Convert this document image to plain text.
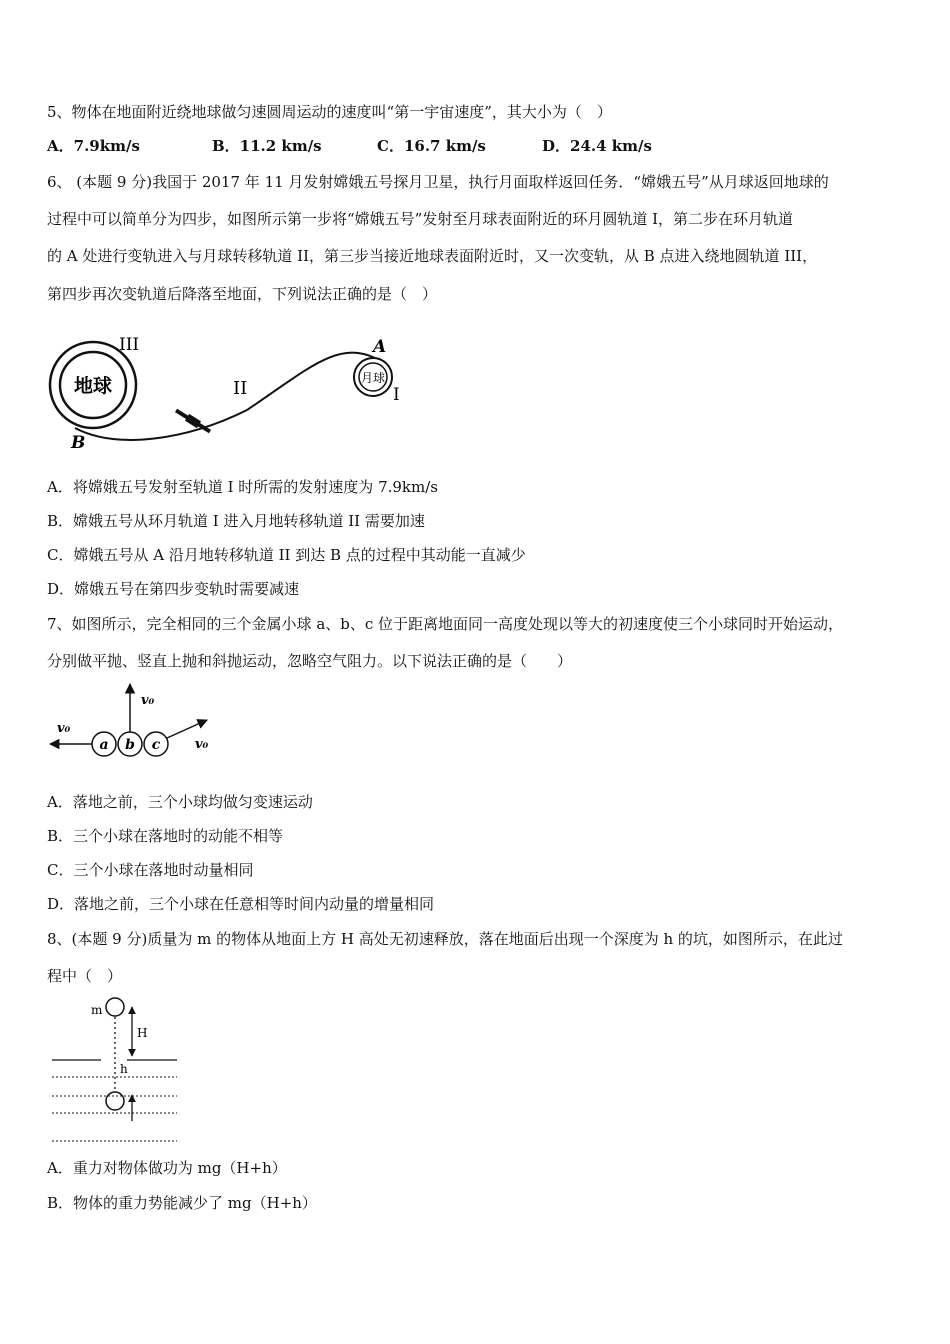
5、物体在地面附近绕地球做匀速圆周运动的速度叫“第一宇宙速度”，其大小为（　）
A．7.9km/s	B．11.2 km/s	C．16.7 km/s	D．24.4 km/s
6、 (本题 9 分)我国于 2017 年 11 月发射嫦娥五号探月卫星，执行月面取样返回任务．“嫦娥五号”从月球返回地球的
过程中可以简单分为四步，如图所示第一步将“嫦娥五号”发射至月球表面附近的环月圆轨道 I，第二步在环月轨道
的 A 处进行变轨进入与月球转移轨道 II，第三步当接近地球表面附近时，又一次变轨，从 B 点进入绕地圆轨道 III，
第四步再次变轨道后降落至地面，下列说法正确的是（　）
地球
III
II	月球
A
I
B
A．将嫦娥五号发射至轨道 I 时所需的发射速度为 7.9km/s
B．嫦娥五号从环月轨道 I 进入月地转移轨道 II 需要加速
C．嫦娥五号从 A 沿月地转移轨道 II 到达 B 点的过程中其动能一直减少
D．嫦娥五号在第四步变轨时需要减速
7、如图所示，完全相同的三个金属小球 a、b、c 位于距离地面同一高度处现以等大的初速度使三个小球同时开始运动，
分别做平抛、竖直上抛和斜抛运动，忽略空气阻力。以下说法正确的是（　　）
a b c
v₀
v₀
v₀
A．落地之前，三个小球均做匀变速运动
B．三个小球在落地时的动能不相等
C．三个小球在落地时动量相同
D．落地之前，三个小球在任意相等时间内动量的增量相同
8、(本题 9 分)质量为 m 的物体从地面上方 H 高处无初速释放，落在地面后出现一个深度为 h 的坑，如图所示，在此过
程中（　）
m
H
h
A．重力对物体做功为 mg（H+h）
B．物体的重力势能减少了 mg（H+h）
